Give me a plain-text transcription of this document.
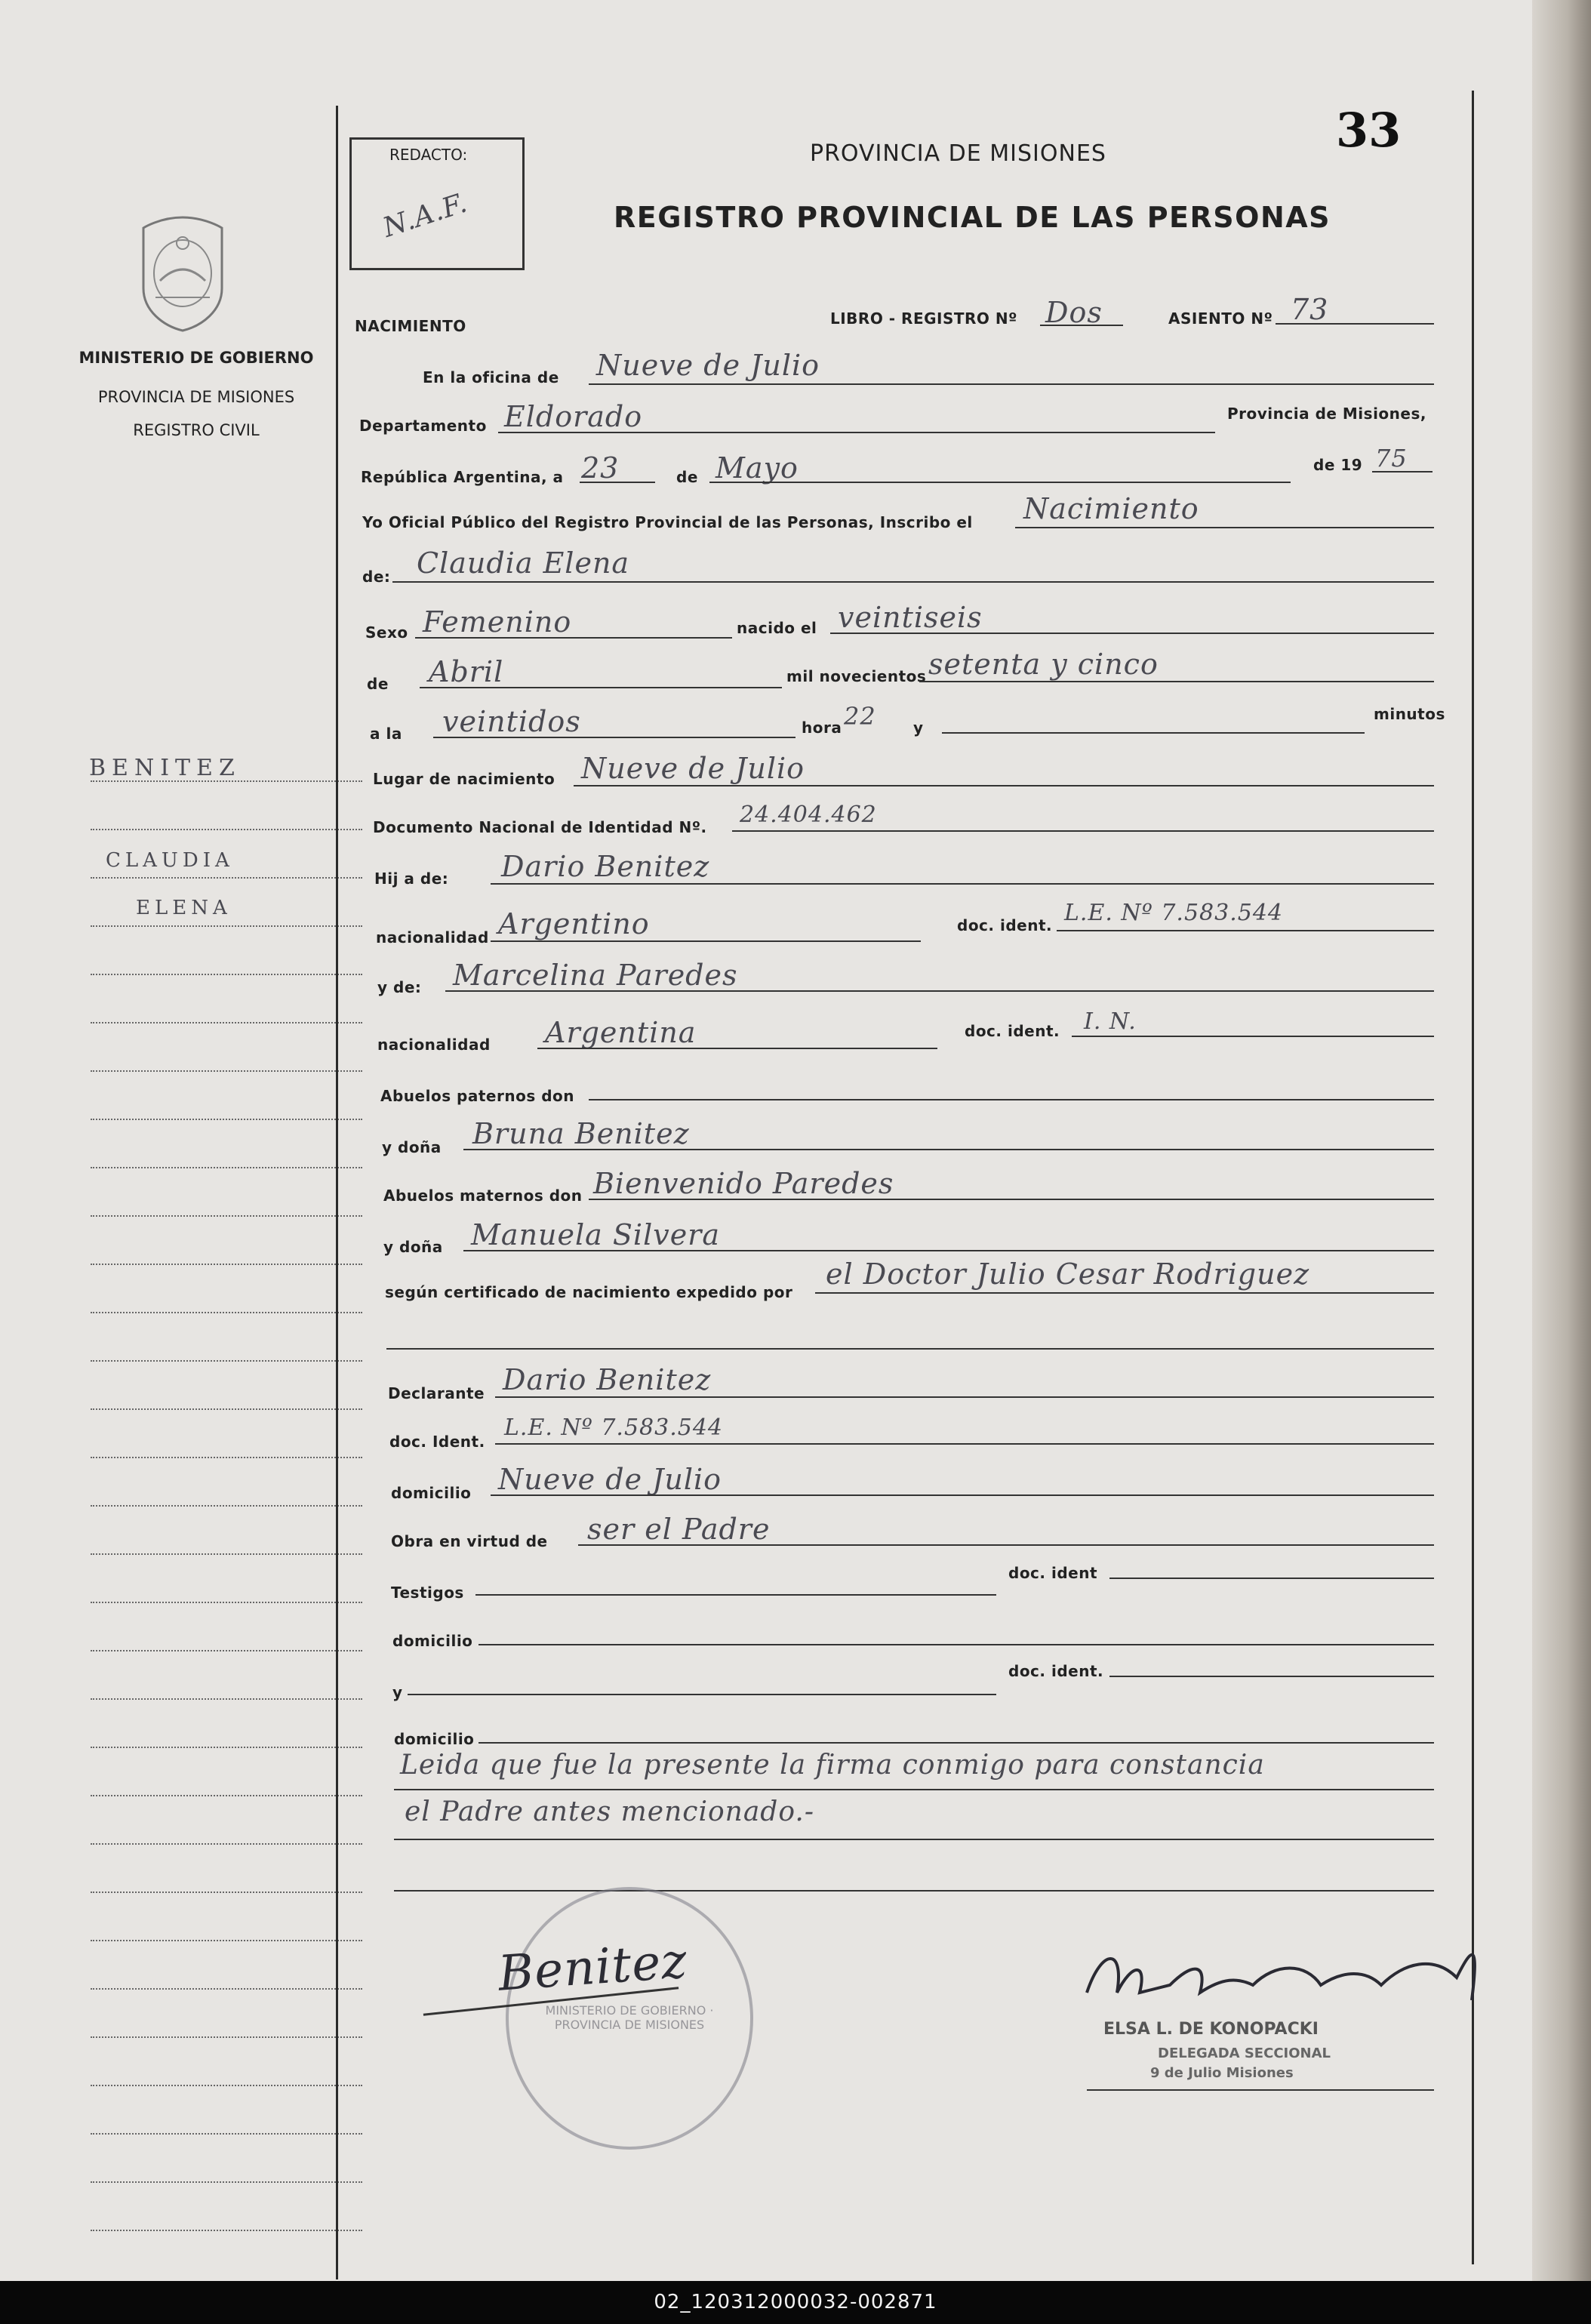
MINISTERIO DE GOBIERNO
PROVINCIA DE MISIONES
REGISTRO CIVIL
BENITEZ
CLAUDIA
ELENA
33
REDACTO:
N.A.F.
PROVINCIA DE MISIONES
REGISTRO PROVINCIAL DE LAS PERSONAS
NACIMIENTO	LIBRO - REGISTRO Nº Dos	ASIENTO Nº 73
En la oficina de Nueve de Julio
Departamento Eldorado	Provincia de Misiones,
República Argentina, a 23	de Mayo	de 19 75
Yo Oficial Público del Registro Provincial de las Personas, Inscribo el Nacimiento
de: Claudia Elena
Sexo Femenino	nacido el veintiseis
de Abril	mil novecientos setenta y cinco
a la veintidos	hora 22 y
minutos
Lugar de nacimiento Nueve de Julio
Documento Nacional de Identidad Nº. 24.404.462
Hij a de: Dario Benitez
nacionalidad Argentino	doc. ident. L.E. Nº 7.583.544
y de: Marcelina Paredes
nacionalidad Argentina	doc. ident. I. N.
Abuelos paternos don
y doña Bruna Benitez
Abuelos maternos don Bienvenido Paredes
y doña Manuela Silvera
según certificado de nacimiento expedido por
el Doctor Julio Cesar Rodriguez
Declarante Dario Benitez
doc. Ident.
L.E. Nº 7.583.544
domicilio Nueve de Julio
Obra en virtud de ser el Padre
Testigos
doc. ident
domicilio
y
doc. ident.
domicilio
Leida que fue la presente la firma conmigo para constancia
el Padre antes mencionado.-
MINISTERIO DE GOBIERNO · PROVINCIA DE MISIONES
Benitez
ELSA L. DE KONOPACKI
DELEGADA SECCIONAL
9 de Julio Misiones
02_120312000032-002871
